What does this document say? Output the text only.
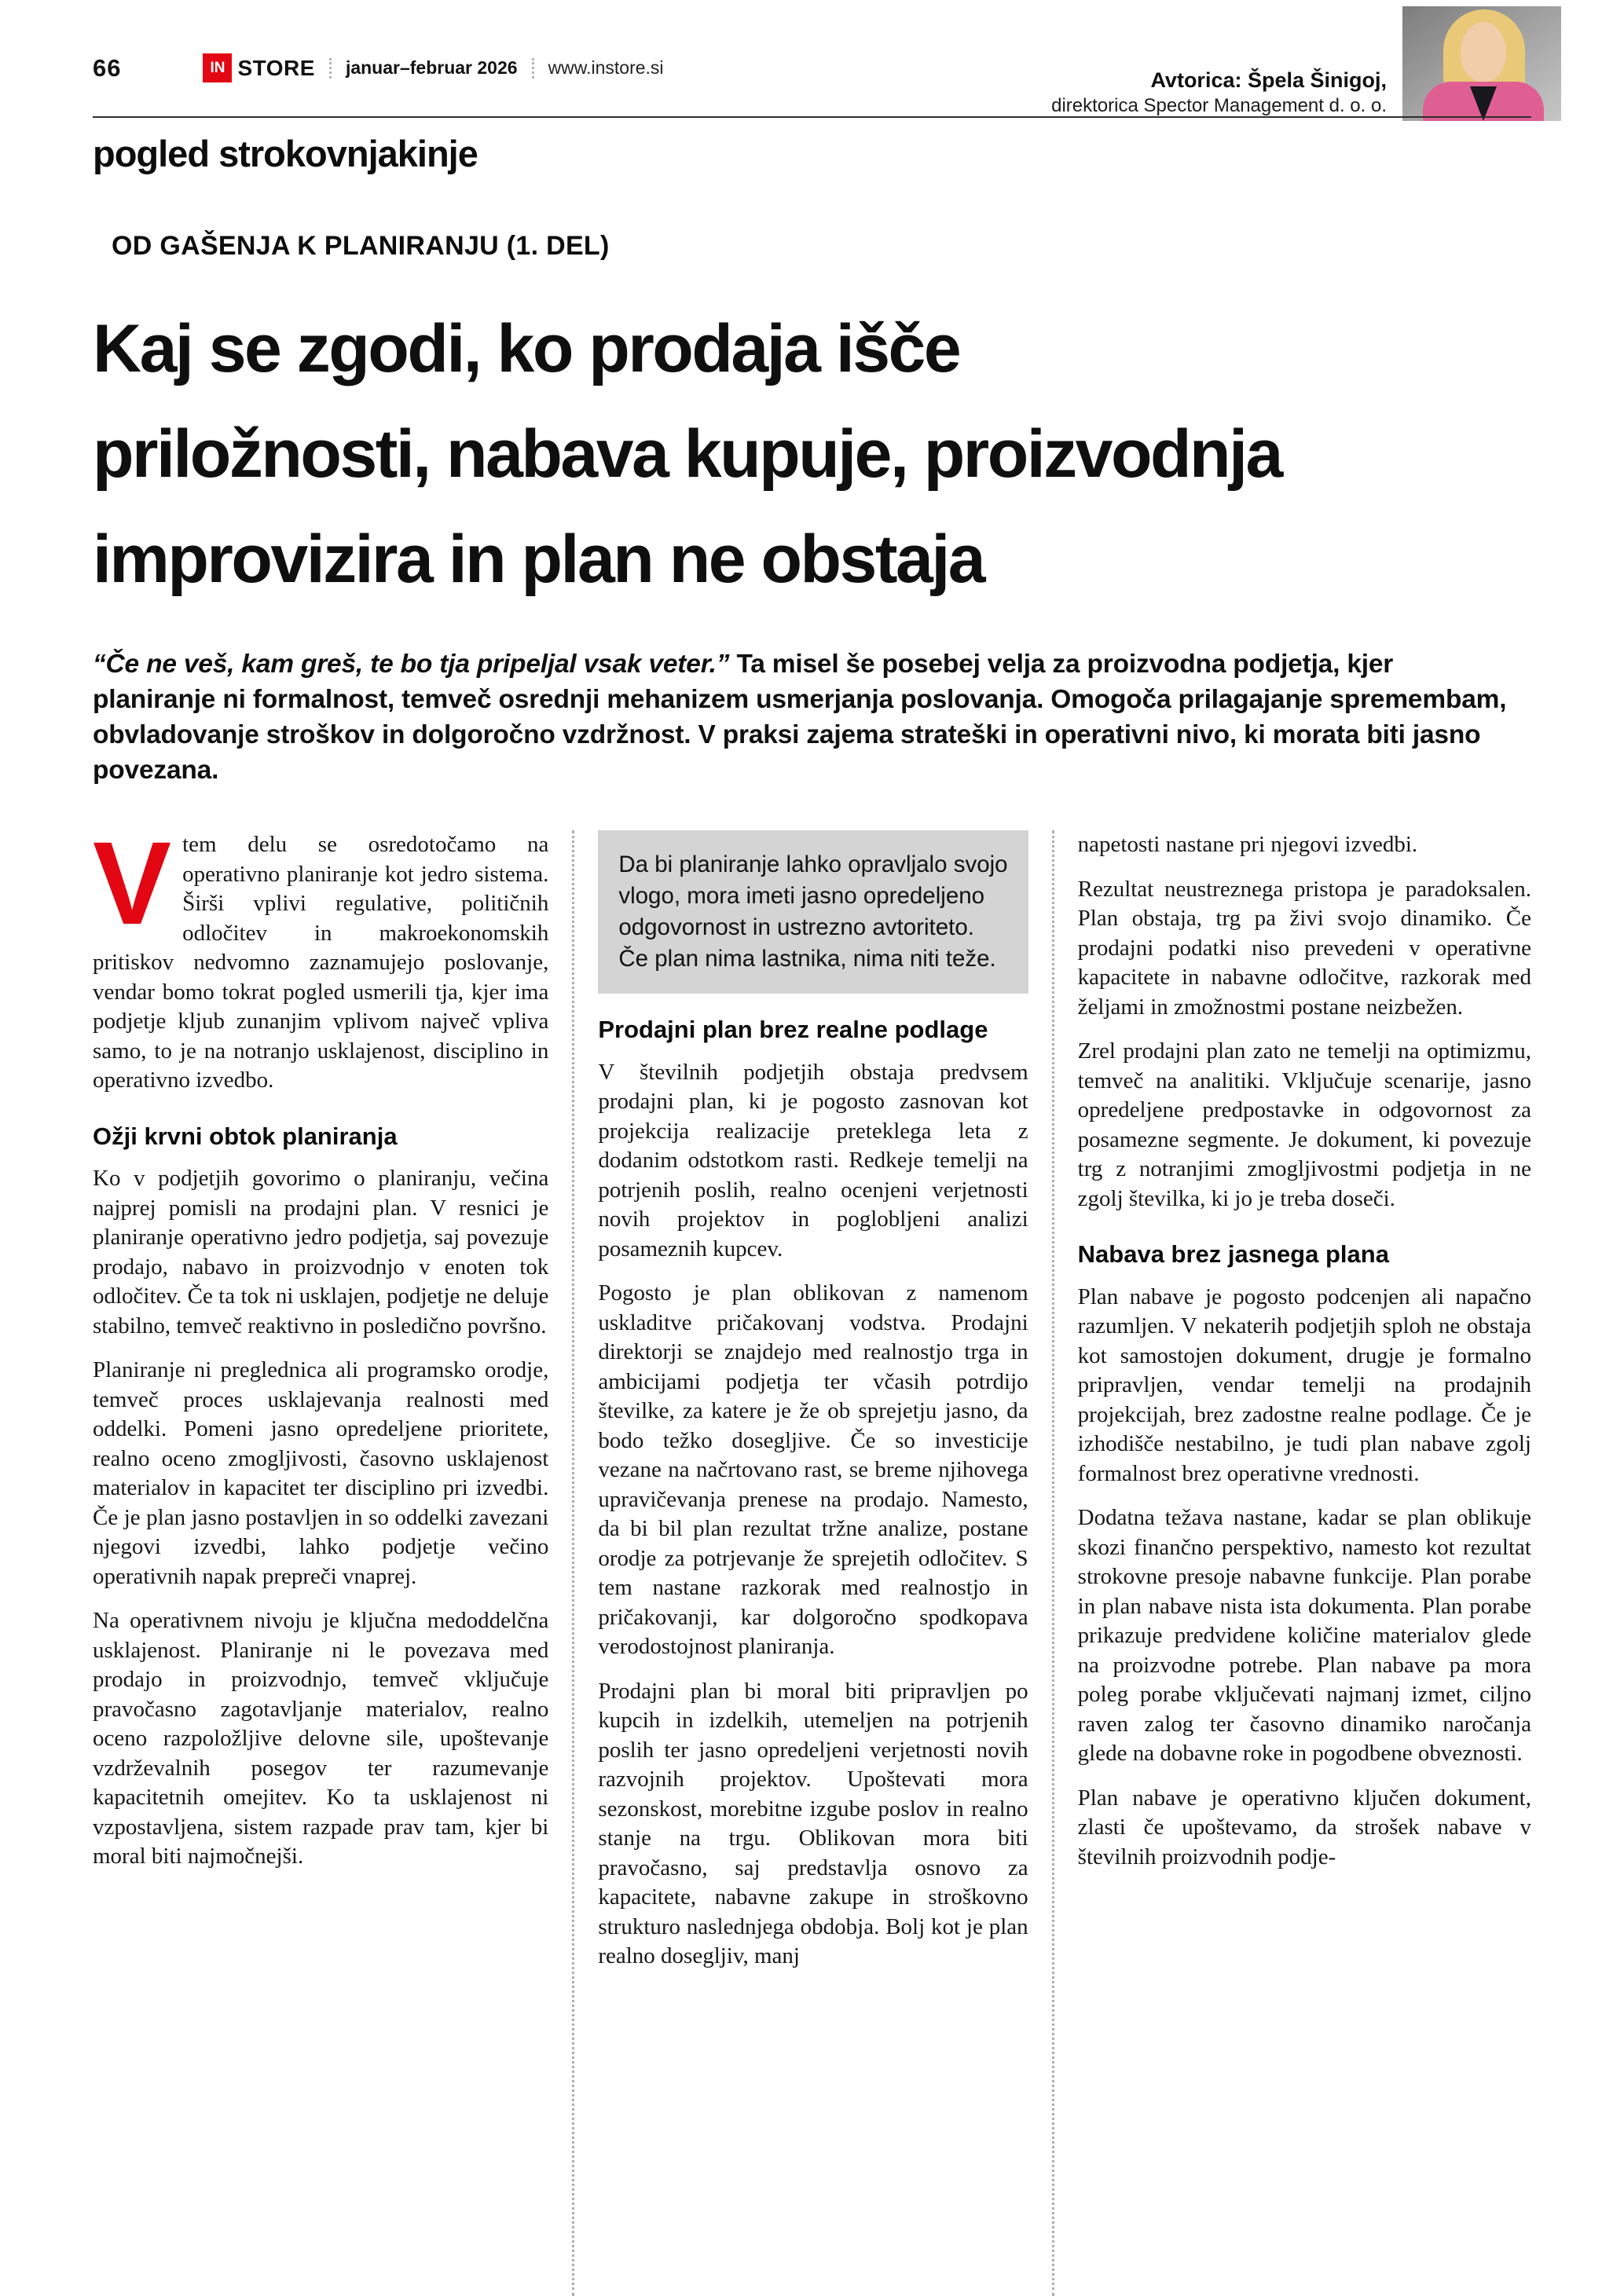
66	IN STORE januar–februar 2026 www.instore.si
Avtorica: Špela Šinigoj,
direktorica Spector Management d. o. o.
pogled strokovnjakinje
OD GAŠENJA K PLANIRANJU (1. DEL)
Kaj se zgodi, ko prodaja išče
priložnosti, nabava kupuje, proizvodnja
improvizira in plan ne obstaja

“Če ne veš, kam greš, te bo tja pripeljal vsak veter.” Ta misel še posebej velja za proizvodna podjetja, kjer planiranje ni formalnost, temveč osrednji mehanizem usmerjanja poslovanja. Omogoča prilagajanje spremembam, obvladovanje stroškov in dolgoročno vzdržnost. V praksi zajema strateški in operativni nivo, ki morata biti jasno povezana.

Vtem delu se osredotočamo na operativno planiranje kot jedro sistema. Širši vplivi regulative, političnih odločitev in makroekonomskih pritiskov nedvomno zaznamujejo poslovanje, vendar bomo tokrat pogled usmerili tja, kjer ima podjetje kljub zunanjim vplivom največ vpliva samo, to je na notranjo usklajenost, disciplino in operativno izvedbo.

Ožji krvni obtok planiranja

Ko v podjetjih govorimo o planiranju, večina najprej pomisli na prodajni plan. V resnici je planiranje operativno jedro podjetja, saj povezuje prodajo, nabavo in proizvodnjo v enoten tok odločitev. Če ta tok ni usklajen, podjetje ne deluje stabilno, temveč reaktivno in posledično površno.

Planiranje ni preglednica ali programsko orodje, temveč proces usklajevanja realnosti med oddelki. Pomeni jasno opredeljene prioritete, realno oceno zmogljivosti, časovno usklajenost materialov in kapacitet ter disciplino pri izvedbi. Če je plan jasno postavljen in so oddelki zavezani njegovi izvedbi, lahko podjetje večino operativnih napak prepreči vnaprej.

Na operativnem nivoju je ključna medoddelčna usklajenost. Planiranje ni le povezava med prodajo in proizvodnjo, temveč vključuje pravočasno zagotavljanje materialov, realno oceno razpoložljive delovne sile, upoštevanje vzdrževalnih posegov ter razumevanje kapacitetnih omejitev. Ko ta usklajenost ni vzpostavljena, sistem razpade prav tam, kjer bi moral biti najmočnejši.

Da bi planiranje lahko opravljalo svojo vlogo, mora imeti jasno opredeljeno odgovornost in ustrezno avtoriteto. Če plan nima lastnika, nima niti teže.
Prodajni plan brez realne podlage

V številnih podjetjih obstaja predvsem prodajni plan, ki je pogosto zasnovan kot projekcija realizacije preteklega leta z dodanim odstotkom rasti. Redkeje temelji na potrjenih poslih, realno ocenjeni verjetnosti novih projektov in poglobljeni analizi posameznih kupcev.

Pogosto je plan oblikovan z namenom uskladitve pričakovanj vodstva. Prodajni direktorji se znajdejo med realnostjo trga in ambicijami podjetja ter včasih potrdijo številke, za katere je že ob sprejetju jasno, da bodo težko dosegljive. Če so investicije vezane na načrtovano rast, se breme njihovega upravičevanja prenese na prodajo. Namesto, da bi bil plan rezultat tržne analize, postane orodje za potrjevanje že sprejetih odločitev. S tem nastane razkorak med realnostjo in pričakovanji, kar dolgoročno spodkopava verodostojnost planiranja.

Prodajni plan bi moral biti pripravljen po kupcih in izdelkih, utemeljen na potrjenih poslih ter jasno opredeljeni verjetnosti novih razvojnih projektov. Upoštevati mora sezonskost, morebitne izgube poslov in realno stanje na trgu. Oblikovan mora biti pravočasno, saj predstavlja osnovo za kapacitete, nabavne zakupe in stroškovno strukturo naslednjega obdobja. Bolj kot je plan realno dosegljiv, manj

napetosti nastane pri njegovi izvedbi.

Rezultat neustreznega pristopa je paradoksalen. Plan obstaja, trg pa živi svojo dinamiko. Če prodajni podatki niso prevedeni v operativne kapacitete in nabavne odločitve, razkorak med željami in zmožnostmi postane neizbežen.

Zrel prodajni plan zato ne temelji na optimizmu, temveč na analitiki. Vključuje scenarije, jasno opredeljene predpostavke in odgovornost za posamezne segmente. Je dokument, ki povezuje trg z notranjimi zmogljivostmi podjetja in ne zgolj številka, ki jo je treba doseči.

Nabava brez jasnega plana

Plan nabave je pogosto podcenjen ali napačno razumljen. V nekaterih podjetjih sploh ne obstaja kot samostojen dokument, drugje je formalno pripravljen, vendar temelji na prodajnih projekcijah, brez zadostne realne podlage. Če je izhodišče nestabilno, je tudi plan nabave zgolj formalnost brez operativne vrednosti.

Dodatna težava nastane, kadar se plan oblikuje skozi finančno perspektivo, namesto kot rezultat strokovne presoje nabavne funkcije. Plan porabe in plan nabave nista ista dokumenta. Plan porabe prikazuje predvidene količine materialov glede na proizvodne potrebe. Plan nabave pa mora poleg porabe vključevati najmanj izmet, ciljno raven zalog ter časovno dinamiko naročanja glede na dobavne roke in pogodbene obveznosti.

Plan nabave je operativno ključen dokument, zlasti če upoštevamo, da strošek nabave v številnih proizvodnih podje-
